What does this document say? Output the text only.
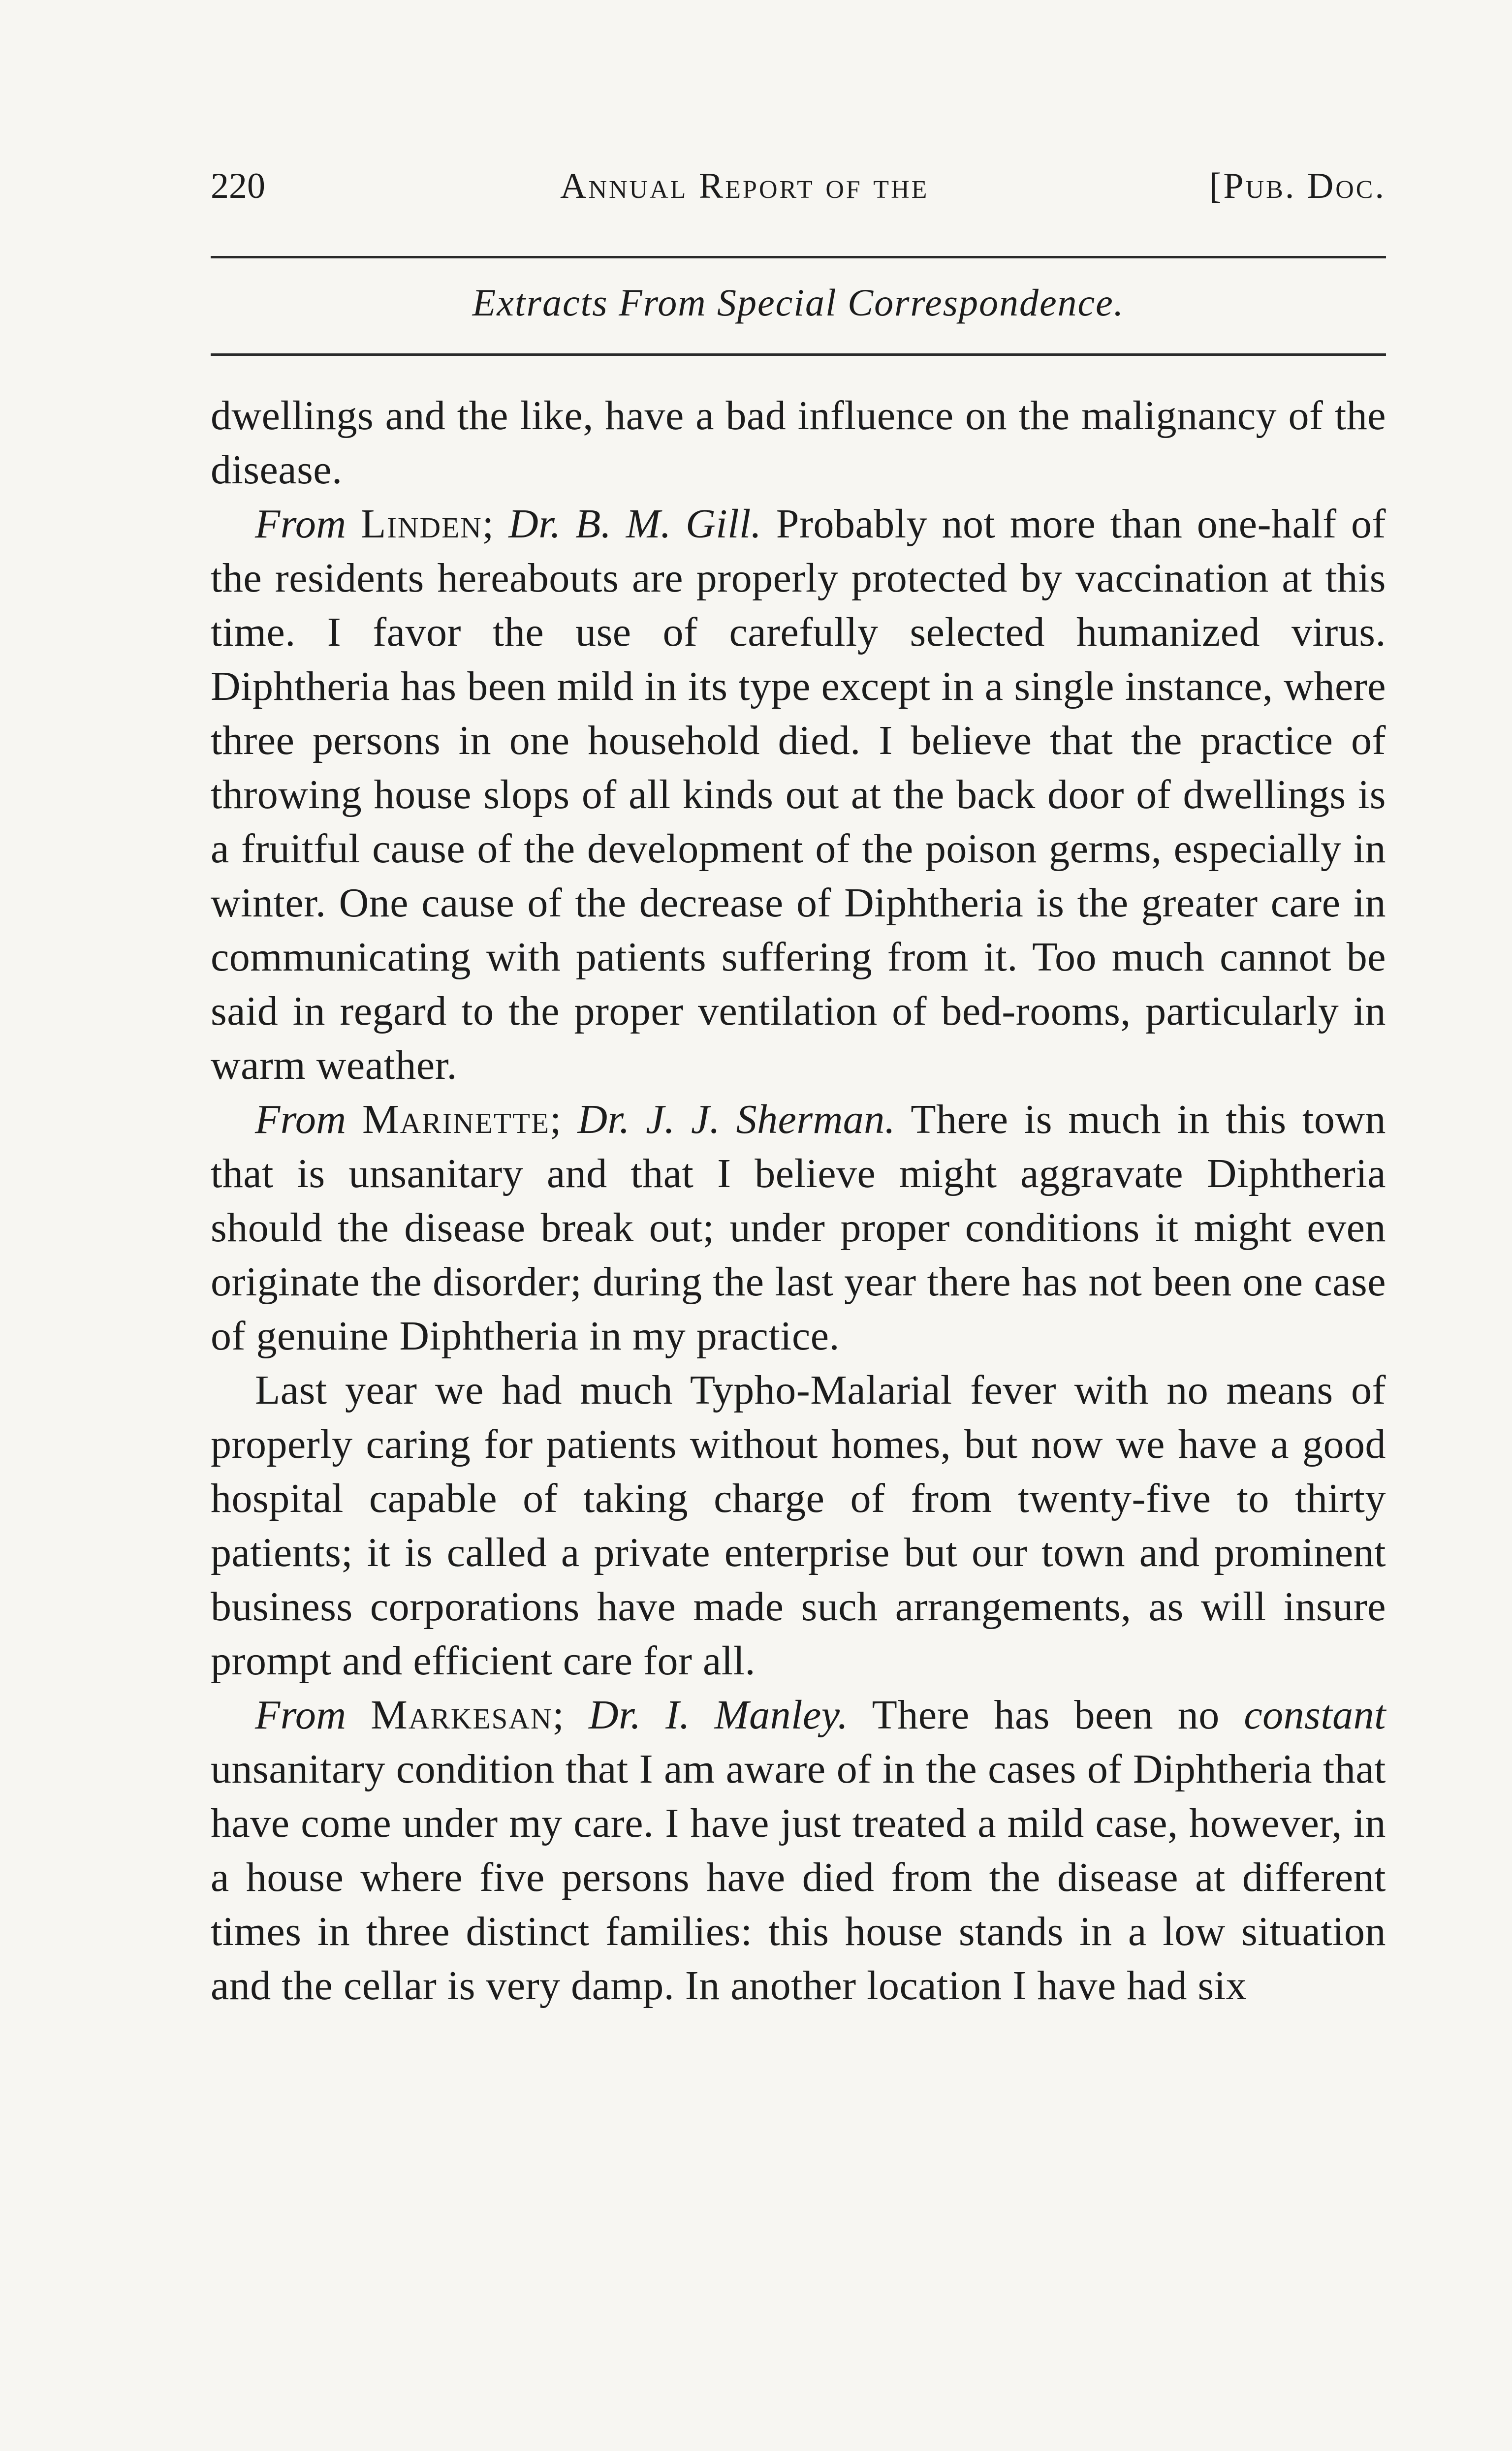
220	Annual Report of the	[Pub. Doc.
Extracts From Special Correspondence.

dwellings and the like, have a bad influence on the malignancy of the disease.

From Linden; Dr. B. M. Gill. Probably not more than one-half of the residents hereabouts are properly protected by vaccination at this time. I favor the use of carefully selected humanized virus. Diphtheria has been mild in its type except in a single instance, where three persons in one household died. I believe that the practice of throwing house slops of all kinds out at the back door of dwellings is a fruitful cause of the development of the poison germs, especially in winter. One cause of the decrease of Diphtheria is the greater care in communicating with patients suffering from it. Too much cannot be said in regard to the proper ventilation of bed-rooms, particularly in warm weather.

From Marinette; Dr. J. J. Sherman. There is much in this town that is unsanitary and that I believe might aggravate Diphtheria should the disease break out; under proper conditions it might even originate the disorder; during the last year there has not been one case of genuine Diphtheria in my practice.

Last year we had much Typho-Malarial fever with no means of properly caring for patients without homes, but now we have a good hospital capable of taking charge of from twenty-five to thirty patients; it is called a private enterprise but our town and prominent business corporations have made such arrangements, as will insure prompt and efficient care for all.

From Markesan; Dr. I. Manley. There has been no constant unsanitary condition that I am aware of in the cases of Diphtheria that have come under my care. I have just treated a mild case, however, in a house where five persons have died from the disease at different times in three distinct families: this house stands in a low situation and the cellar is very damp. In another location I have had six
